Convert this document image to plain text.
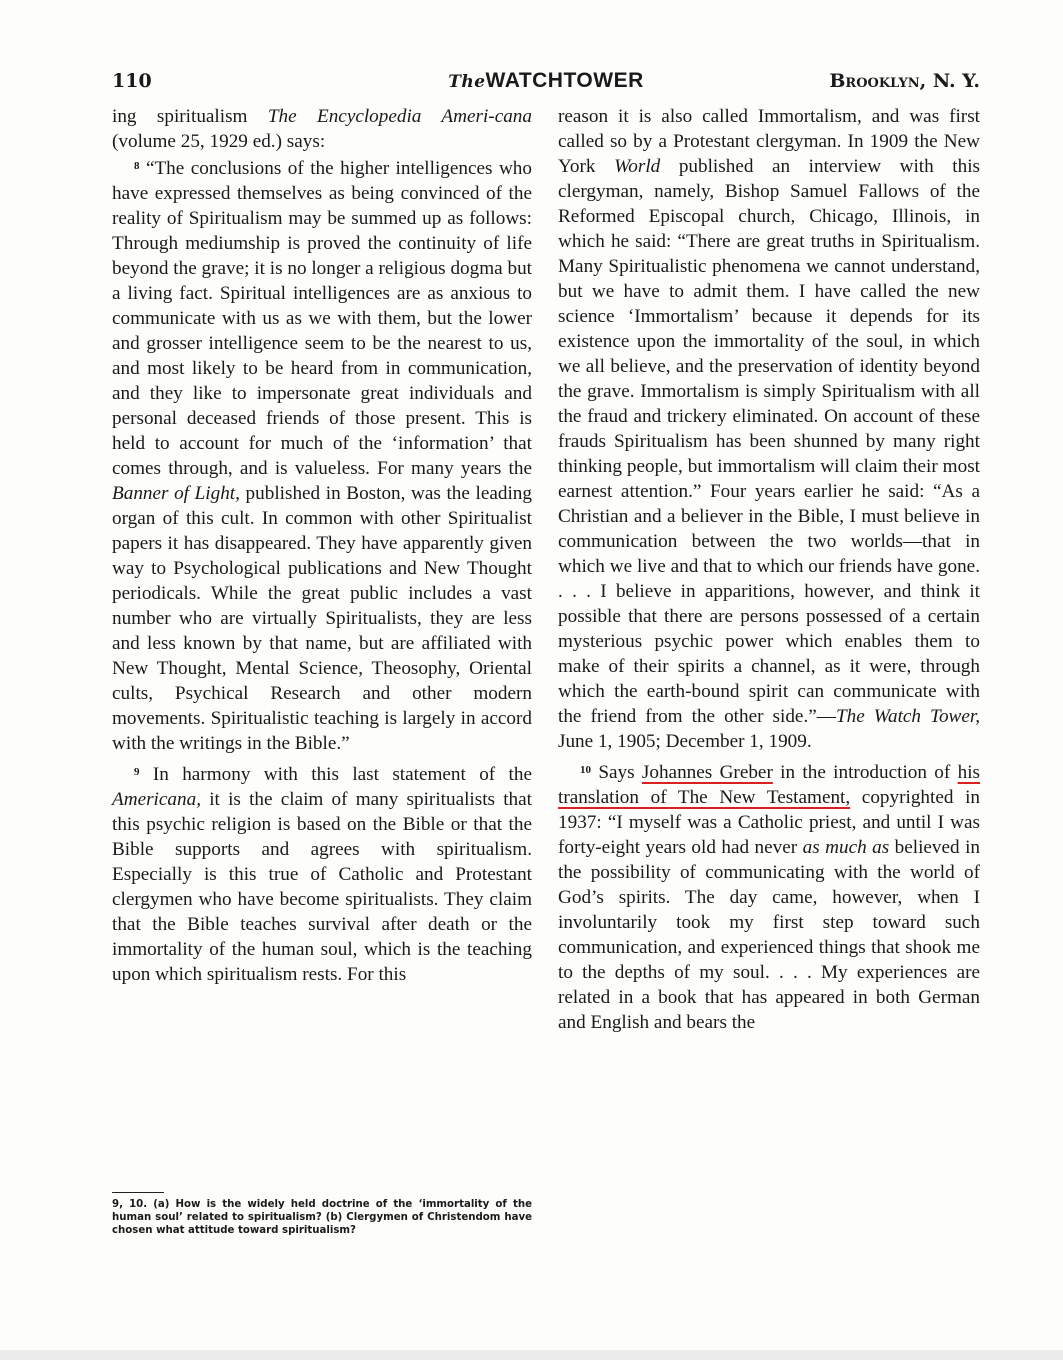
110	TheWATCHTOWER	Brooklyn, N. Y.

ing spiritualism The Encyclopedia Ameri-cana (volume 25, 1929 ed.) says:

$^8$ “The conclusions of the higher intelligences who have expressed themselves as being convinced of the reality of Spiritualism may be summed up as follows: Through mediumship is proved the continuity of life beyond the grave; it is no longer a religious dogma but a living fact. Spiritual intelligences are as anxious to communicate with us as we with them, but the lower and grosser intelligence seem to be the nearest to us, and most likely to be heard from in communication, and they like to impersonate great individuals and personal deceased friends of those present. This is held to account for much of the ‘information’ that comes through, and is valueless. For many years the Banner of Light, published in Boston, was the leading organ of this cult. In common with other Spiritualist papers it has disappeared. They have apparently given way to Psychological publications and New Thought periodicals. While the great public includes a vast number who are virtually Spiritualists, they are less and less known by that name, but are affiliated with New Thought, Mental Science, Theosophy, Oriental cults, Psychical Research and other modern movements. Spiritualistic teaching is largely in accord with the writings in the Bible.”

$^9$ In harmony with this last statement of the Americana, it is the claim of many spiritualists that this psychic religion is based on the Bible or that the Bible supports and agrees with spiritualism. Especially is this true of Catholic and Protestant clergymen who have become spiritualists. They claim that the Bible teaches survival after death or the immortality of the human soul, which is the teaching upon which spiritualism rests. For this

reason it is also called Immortalism, and was first called so by a Protestant clergyman. In 1909 the New York World published an interview with this clergyman, namely, Bishop Samuel Fallows of the Reformed Episcopal church, Chicago, Illinois, in which he said: “There are great truths in Spiritualism. Many Spiritualistic phenomena we cannot understand, but we have to admit them. I have called the new science ‘Immortalism’ because it depends for its existence upon the immortality of the soul, in which we all believe, and the preservation of identity beyond the grave. Immortalism is simply Spiritualism with all the fraud and trickery eliminated. On account of these frauds Spiritualism has been shunned by many right thinking people, but immortalism will claim their most earnest attention.” Four years earlier he said: “As a Christian and a believer in the Bible, I must believe in communication between the two worlds—that in which we live and that to which our friends have gone. . . . I believe in apparitions, however, and think it possible that there are persons possessed of a certain mysterious psychic power which enables them to make of their spirits a channel, as it were, through which the earth-bound spirit can communicate with the friend from the other side.”—The Watch Tower, June 1, 1905; December 1, 1909.

$^{10}$ Says Johannes Greber in the introduction of his translation of The New Testament, copyrighted in 1937: “I myself was a Catholic priest, and until I was forty-eight years old had never as much as believed in the possibility of communicating with the world of God’s spirits. The day came, however, when I involuntarily took my first step toward such communication, and experienced things that shook me to the depths of my soul. . . . My experiences are related in a book that has appeared in both German and English and bears the

9, 10. (a) How is the widely held doctrine of the ‘immortality of the human soul’ related to spiritualism? (b) Clergymen of Christendom have chosen what attitude toward spiritualism?
